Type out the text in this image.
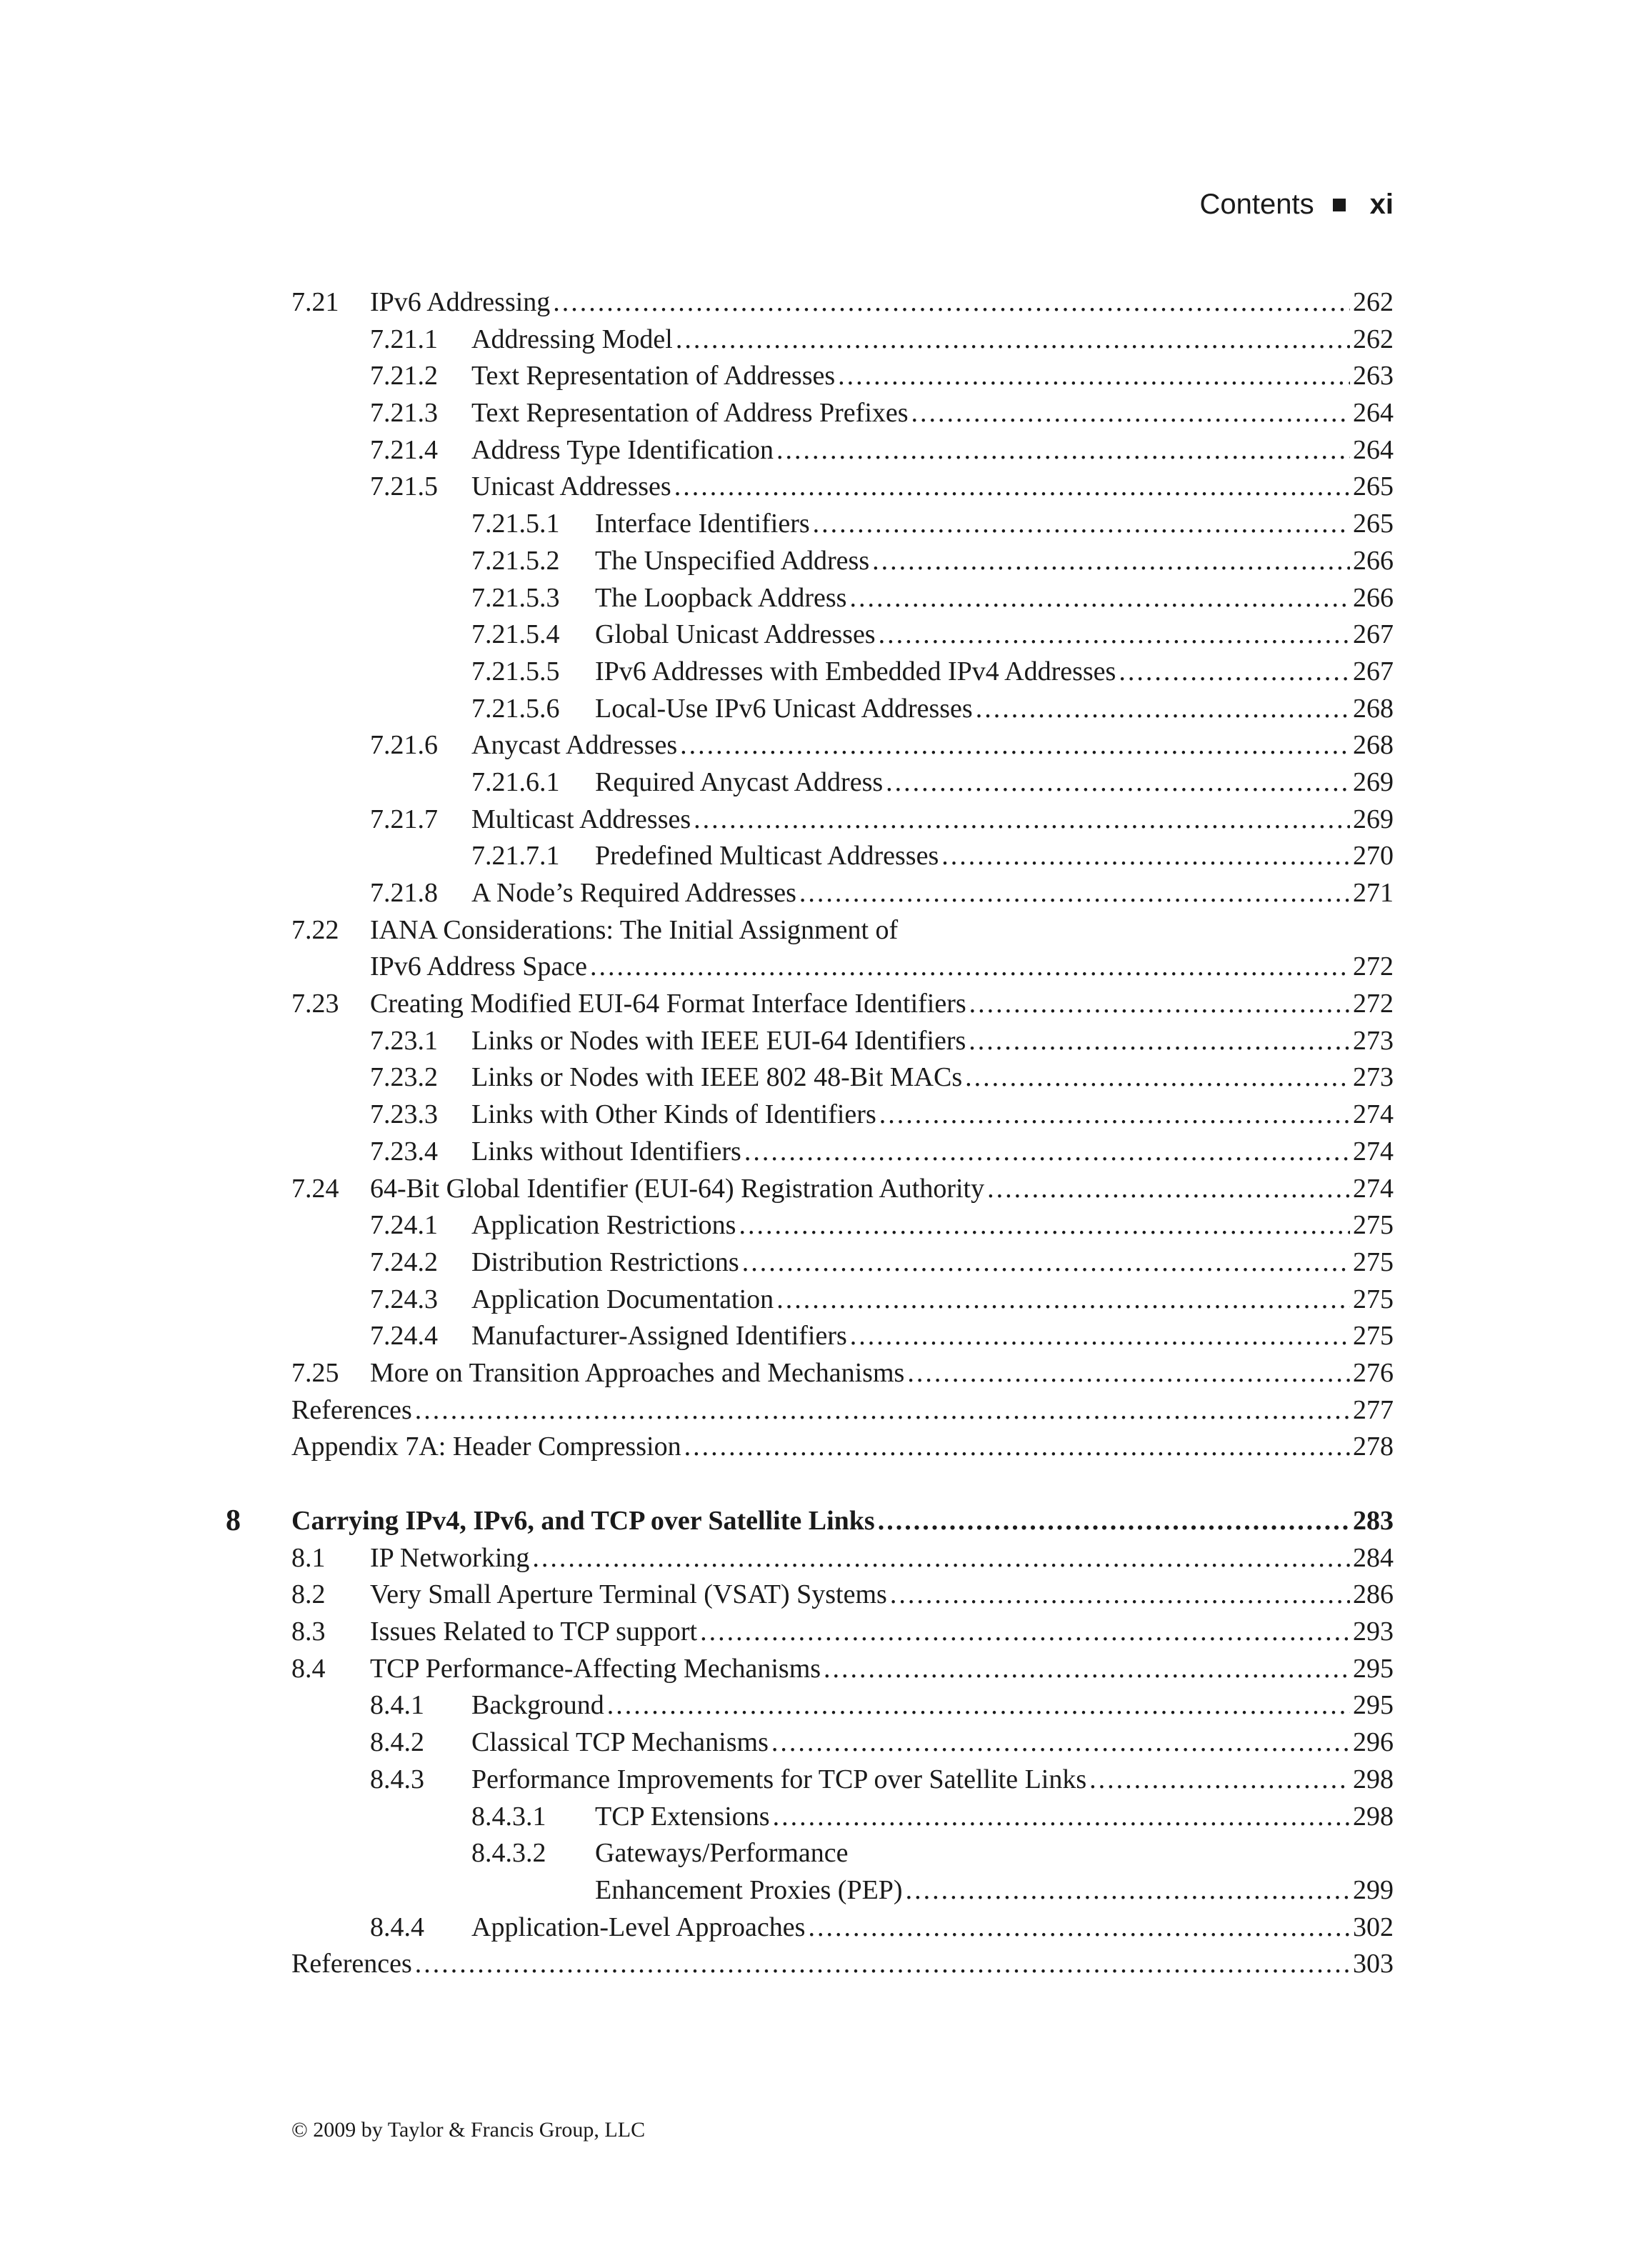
Contents xi
7.21 IPv6 Addressing .....	262
7.21.1 Addressing Model .....	262
7.21.2 Text Representation of Addresses .....	263
7.21.3 Text Representation of Address Prefixes .....	264
7.21.4 Address Type Identification .....	264
7.21.5 Unicast Addresses .....	265
7.21.5.1 Interface Identifiers .....	265
7.21.5.2 The Unspecified Address .....	266
7.21.5.3 The Loopback Address .....	266
7.21.5.4 Global Unicast Addresses .....	267
7.21.5.5 IPv6 Addresses with Embedded IPv4 Addresses .....	267
7.21.5.6 Local-Use IPv6 Unicast Addresses .....	268
7.21.6 Anycast Addresses .....	268
7.21.6.1 Required Anycast Address .....	269
7.21.7 Multicast Addresses .....	269
7.21.7.1 Predefined Multicast Addresses .....	270
7.21.8 A Node’s Required Addresses .....	271
7.22 IANA Considerations: The Initial Assignment of
IPv6 Address Space .....	272
7.23 Creating Modified EUI-64 Format Interface Identifiers .....	272
7.23.1 Links or Nodes with IEEE EUI-64 Identifiers .....	273
7.23.2 Links or Nodes with IEEE 802 48-Bit MACs .....	273
7.23.3 Links with Other Kinds of Identifiers .....	274
7.23.4 Links without Identifiers .....	274
7.24 64-Bit Global Identifier (EUI-64) Registration Authority .....	274
7.24.1 Application Restrictions .....	275
7.24.2 Distribution Restrictions .....	275
7.24.3 Application Documentation .....	275
7.24.4 Manufacturer-Assigned Identifiers .....	275
7.25 More on Transition Approaches and Mechanisms .....	276
References .....	277
Appendix 7A: Header Compression .....	278
8 Carrying IPv4, IPv6, and TCP over Satellite Links .....	283
8.1 IP Networking .....	284
8.2 Very Small Aperture Terminal (VSAT) Systems .....	286
8.3 Issues Related to TCP support .....	293
8.4 TCP Performance-Affecting Mechanisms .....	295
8.4.1 Background .....	295
8.4.2 Classical TCP Mechanisms .....	296
8.4.3 Performance Improvements for TCP over Satellite Links .....	298
8.4.3.1 TCP Extensions .....	298
8.4.3.2 Gateways/Performance
Enhancement Proxies (PEP) .....	299
8.4.4 Application-Level Approaches .....	302
References .....	303
© 2009 by Taylor & Francis Group, LLC
